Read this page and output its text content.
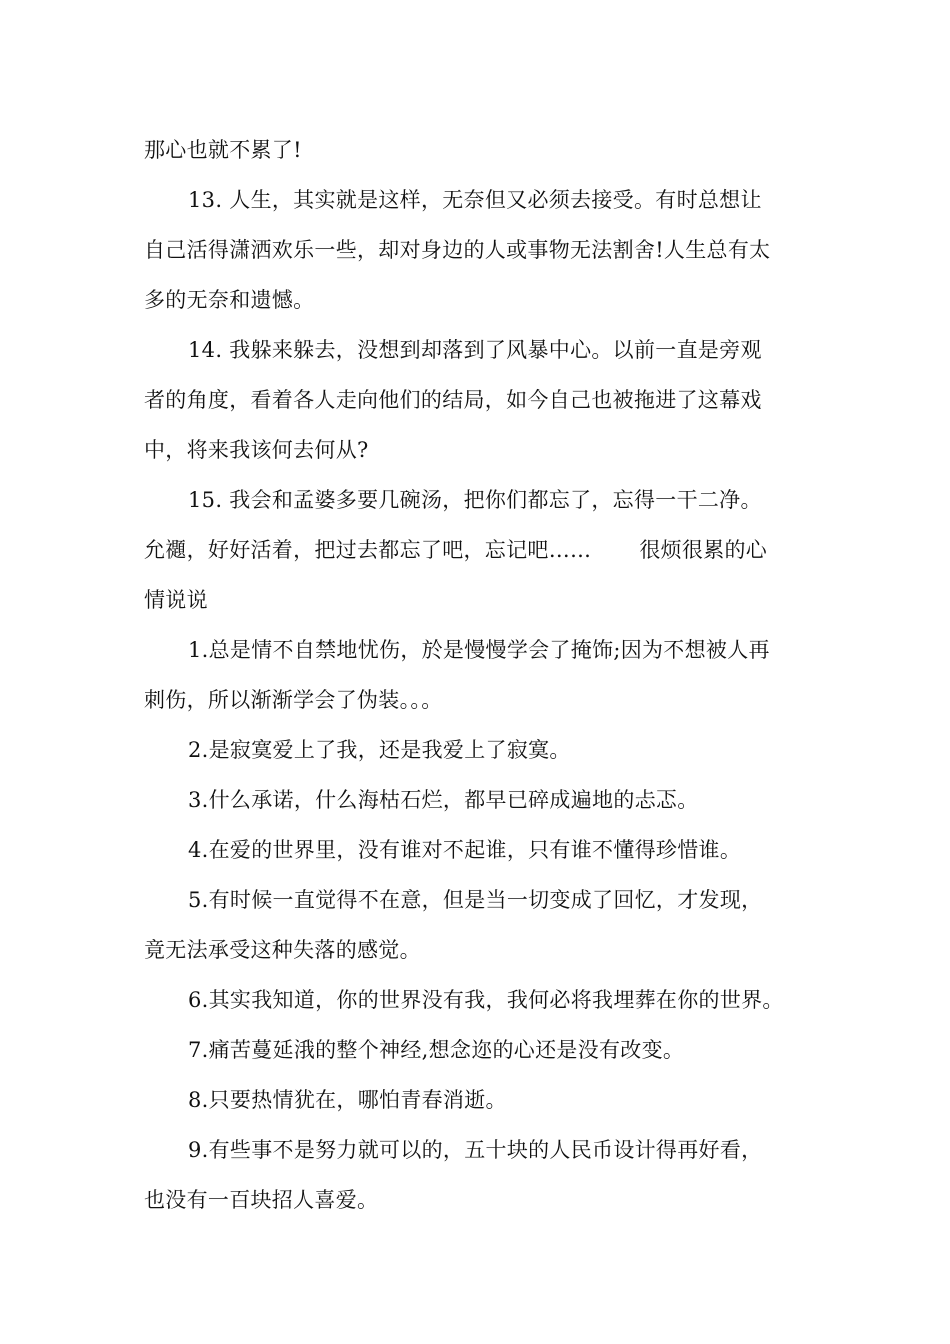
那心也就不累了!
13. 人生，其实就是这样，无奈但又必须去接受。有时总想让
自己活得潇洒欢乐一些，却对身边的人或事物无法割舍!人生总有太
多的无奈和遗憾。
14. 我躲来躲去，没想到却落到了风暴中心。以前一直是旁观
者的角度，看着各人走向他们的结局，如今自己也被拖进了这幕戏
中，将来我该何去何从?
15. 我会和孟婆多要几碗汤，把你们都忘了，忘得一干二净。
允禵，好好活着，把过去都忘了吧，忘记吧…… 很烦很累的心
情说说
1.总是情不自禁地忧伤，於是慢慢学会了掩饰;因为不想被人再
刺伤，所以渐渐学会了伪装。。。
2.是寂寞爱上了我，还是我爱上了寂寞。
3.什么承诺，什么海枯石烂，都早已碎成遍地的忐忑。
4.在爱的世界里，没有谁对不起谁，只有谁不懂得珍惜谁。
5.有时候一直觉得不在意，但是当一切变成了回忆，才发现，
竟无法承受这种失落的感觉。
6.其实我知道，你的世界没有我，我何必将我埋葬在你的世界。
7.痛苦蔓延涐的整个神经,想念迩的心还是没有改变。
8.只要热情犹在，哪怕青春消逝。
9.有些事不是努力就可以的，五十块的人民币设计得再好看，
也没有一百块招人喜爱。
